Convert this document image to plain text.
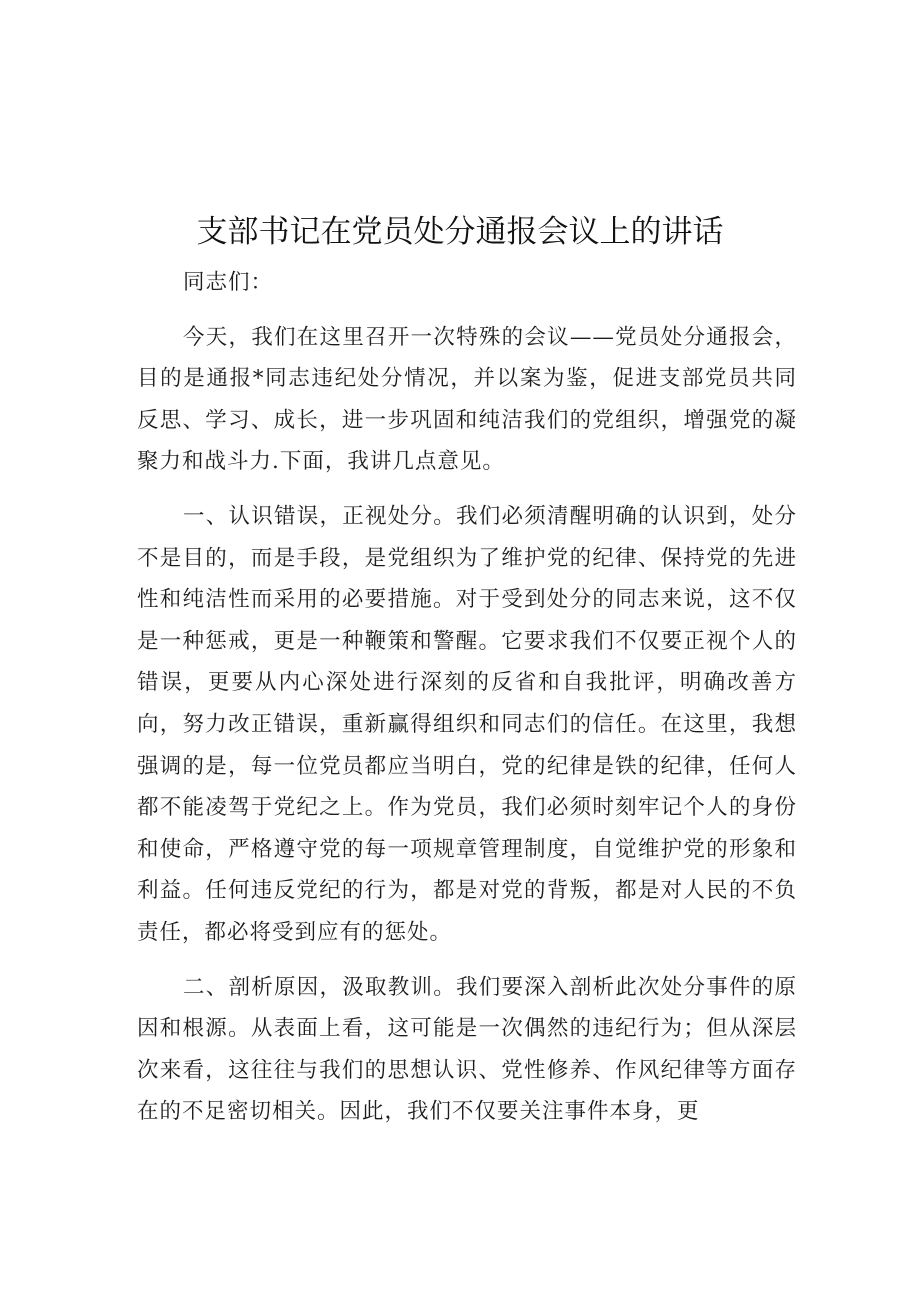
支部书记在党员处分通报会议上的讲话

同志们：

今天，我们在这里召开一次特殊的会议——党员处分通报会，目的是通报*同志违纪处分情况，并以案为鉴，促进支部党员共同反思、学习、成长，进一步巩固和纯洁我们的党组织，增强党的凝聚力和战斗力.下面，我讲几点意见。

一、认识错误，正视处分。我们必须清醒明确的认识到，处分不是目的，而是手段，是党组织为了维护党的纪律、保持党的先进性和纯洁性而采用的必要措施。对于受到处分的同志来说，这不仅是一种惩戒，更是一种鞭策和警醒。它要求我们不仅要正视个人的错误，更要从内心深处进行深刻的反省和自我批评，明确改善方向，努力改正错误，重新赢得组织和同志们的信任。在这里，我想强调的是，每一位党员都应当明白，党的纪律是铁的纪律，任何人都不能凌驾于党纪之上。作为党员，我们必须时刻牢记个人的身份和使命，严格遵守党的每一项规章管理制度，自觉维护党的形象和利益。任何违反党纪的行为，都是对党的背叛，都是对人民的不负责任，都必将受到应有的惩处。

二、剖析原因，汲取教训。我们要深入剖析此次处分事件的原因和根源。从表面上看，这可能是一次偶然的违纪行为；但从深层次来看，这往往与我们的思想认识、党性修养、作风纪律等方面存在的不足密切相关。因此，我们不仅要关注事件本身，更
